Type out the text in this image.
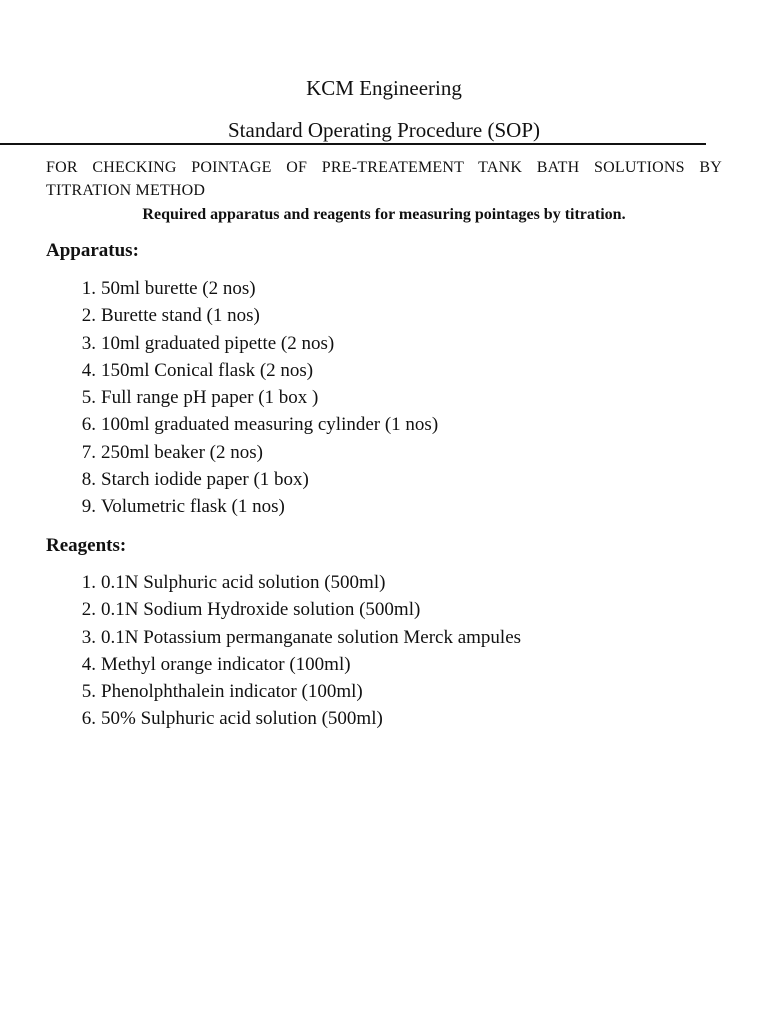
KCM Engineering
Standard Operating Procedure (SOP)
FOR CHECKING POINTAGE OF PRE-TREATEMENT TANK BATH SOLUTIONS BY TITRATION METHOD
Required apparatus and reagents for measuring pointages by titration.
Apparatus:
1. 50ml burette (2 nos)
2. Burette stand (1 nos)
3. 10ml graduated pipette (2 nos)
4. 150ml Conical flask (2 nos)
5. Full range pH paper (1 box )
6. 100ml graduated measuring cylinder (1 nos)
7. 250ml beaker (2 nos)
8. Starch iodide paper (1 box)
9. Volumetric flask (1 nos)
Reagents:
1. 0.1N Sulphuric acid solution (500ml)
2. 0.1N Sodium Hydroxide solution (500ml)
3. 0.1N Potassium permanganate solution Merck ampules
4. Methyl orange indicator (100ml)
5. Phenolphthalein indicator (100ml)
6. 50% Sulphuric acid solution (500ml)
